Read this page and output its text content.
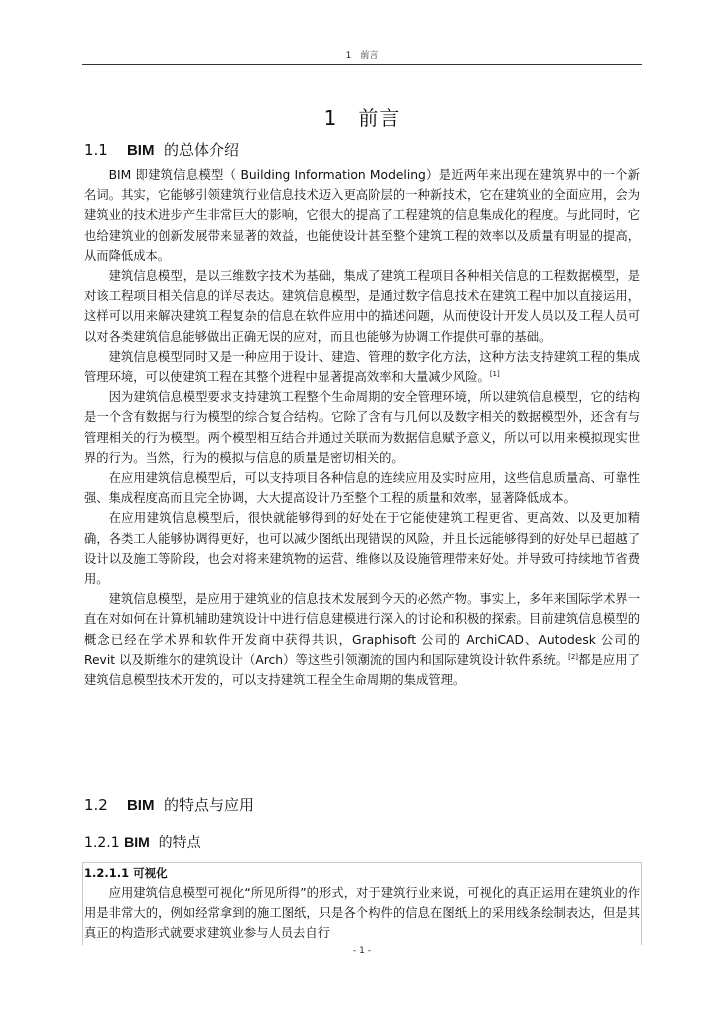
1　前言
1　前言
1.1 BIM 的总体介绍

BIM 即建筑信息模型（ Building Information Modeling）是近两年来出现在建筑界中的一个新名词。其实，它能够引领建筑行业信息技术迈入更高阶层的一种新技术，它在建筑业的全面应用，会为建筑业的技术进步产生非常巨大的影响，它很大的提高了工程建筑的信息集成化的程度。与此同时，它也给建筑业的创新发展带来显著的效益，也能使设计甚至整个建筑工程的效率以及质量有明显的提高，从而降低成本。

建筑信息模型，是以三维数字技术为基础，集成了建筑工程项目各种相关信息的工程数据模型，是对该工程项目相关信息的详尽表达。建筑信息模型，是通过数字信息技术在建筑工程中加以直接运用，这样可以用来解决建筑工程复杂的信息在软件应用中的描述问题，从而使设计开发人员以及工程人员可以对各类建筑信息能够做出正确无误的应对，而且也能够为协调工作提供可靠的基础。

建筑信息模型同时又是一种应用于设计、建造、管理的数字化方法，这种方法支持建筑工程的集成管理环境，可以使建筑工程在其整个进程中显著提高效率和大量减少风险。[1]

因为建筑信息模型要求支持建筑工程整个生命周期的安全管理环境，所以建筑信息模型，它的结构是一个含有数据与行为模型的综合复合结构。它除了含有与几何以及数字相关的数据模型外，还含有与管理相关的行为模型。两个模型相互结合并通过关联而为数据信息赋予意义，所以可以用来模拟现实世界的行为。当然，行为的模拟与信息的质量是密切相关的。

在应用建筑信息模型后，可以支持项目各种信息的连续应用及实时应用，这些信息质量高、可靠性强、集成程度高而且完全协调，大大提高设计乃至整个工程的质量和效率，显著降低成本。

在应用建筑信息模型后，很快就能够得到的好处在于它能使建筑工程更省、更高效、以及更加精确，各类工人能够协调得更好，也可以减少图纸出现错误的风险，并且长远能够得到的好处早已超越了设计以及施工等阶段，也会对将来建筑物的运营、维修以及设施管理带来好处。并导致可持续地节省费用。

建筑信息模型，是应用于建筑业的信息技术发展到今天的必然产物。事实上，多年来国际学术界一直在对如何在计算机辅助建筑设计中进行信息建模进行深入的讨论和积极的探索。目前建筑信息模型的概念已经在学术界和软件开发商中获得共识，Graphisoft 公司的 ArchiCAD、Autodesk 公司的 Revit 以及斯维尔的建筑设计（Arch）等这些引领潮流的国内和国际建筑设计软件系统。[2]都是应用了建筑信息模型技术开发的，可以支持建筑工程全生命周期的集成管理。

1.2 BIM 的特点与应用
1.2.1 BIM 的特点
1.2.1.1 可视化

应用建筑信息模型可视化“所见所得”的形式，对于建筑行业来说，可视化的真正运用在建筑业的作用是非常大的，例如经常拿到的施工图纸，只是各个构件的信息在图纸上的采用线条绘制表达，但是其真正的构造形式就要求建筑业参与人员去自行

- 1 -
